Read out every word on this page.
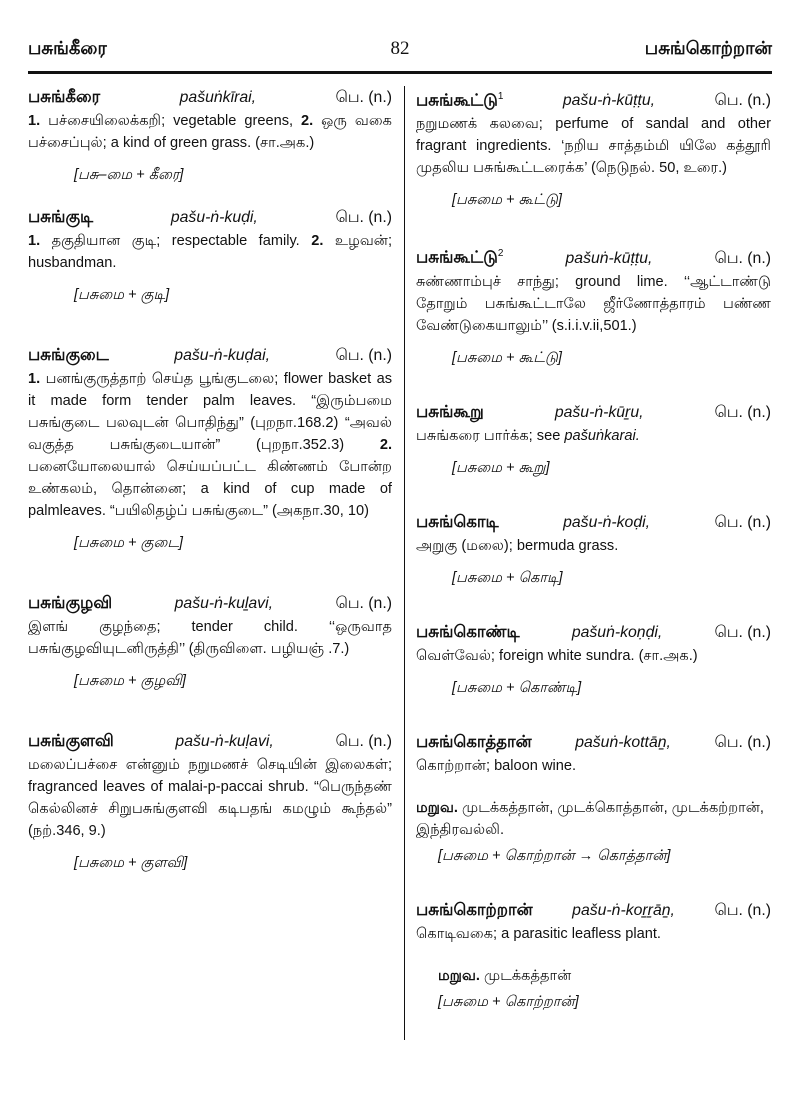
பசுங்கீரை	82	பசுங்கொற்றான்
பசுங்கீரை	pašuṅkīrai,	பெ. (n.)

1. பச்சையிலைக்கறி; vegetable greens, 2. ஒரு வகை பச்சைப்புல்; a kind of green grass. (சா.அக.)

[பசு–மை + கீரை]
பசுங்குடி	pašu-ṅ-kuḍi,	பெ. (n.)

1. தகுதியான குடி; respectable family. 2. உழவன்; husbandman.

[பசுமை + குடி]
பசுங்குடை	pašu-ṅ-kuḍai,	பெ. (n.)

1. பனங்குருத்தாற் செய்த பூங்குடலை; flower basket as it made form tender palm leaves. “இரும்பமை பசுங்குடை பலவுடன் பொதிந்து” (புறநா.168.2) “அவல் வகுத்த பசுங்குடையான்” (புறநா.352.3) 2. பனையோலையால் செய்யப்பட்ட கிண்ணம் போன்ற உண்கலம், தொன்னை; a kind of cup made of palmleaves. “பயிலிதழ்ப் பசுங்குடை” (அகநா.30, 10)

[பசுமை + குடை]
பசுங்குழவி	pašu-ṅ-kuḻavi,	பெ. (n.)

இளங் குழந்தை; tender child. ‘‘ஒருவாத பசுங்குழவியுடனிருத்தி’’ (திருவிளை. பழியஞ் .7.)

[பசுமை + குழவி]
பசுங்குளவி	pašu-ṅ-kuḷavi,	பெ. (n.)

மலைப்பச்சை என்னும் நறுமணச் செடியின் இலைகள்; fragranced leaves of malai-p-paccai shrub. “பெருந்தண் கெல்லினச் சிறுபசுங்குளவி கடிபதங் கமழும் கூந்தல்” (நற்.346, 9.)

[பசுமை + குளவி]
பசுங்கூட்டு$^1$	pašu-ṅ-kūṭṭu,	பெ. (n.)

நறுமணக் கலவை; perfume of sandal and other fragrant ingredients. ‘நறிய சாத்தம்மி யிலே கத்தூரி முதலிய பசுங்கூட்டரைக்க’ (நெடுநல். 50, உரை.)

[பசுமை + கூட்டு]
பசுங்கூட்டு$^2$	pašuṅ-kūṭṭu,	பெ. (n.)

சுண்ணாம்புச் சாந்து; ground lime. ‘‘ஆட்டாண்டு தோறும் பசுங்கூட்டாலே ஜீர்ணோத்தாரம் பண்ண வேண்டுகையாலும்’’ (s.i.i.v.ii,501.)

[பசுமை + கூட்டு]
பசுங்கூறு	pašu-ṅ-kūṟu,	பெ. (n.)

பசுங்கரை பார்க்க; see pašuṅkarai.

[பசுமை + கூறு]
பசுங்கொடி	pašu-ṅ-koḍi,	பெ. (n.)

அறுகு (மலை); bermuda grass.

[பசுமை + கொடி]
பசுங்கொண்டி	pašuṅ-koṇḍi,	பெ. (n.)

வெள்வேல்; foreign white sundra. (சா.அக.)

[பசுமை + கொண்டி]
பசுங்கொத்தான்	pašuṅ-kottāṉ,	பெ. (n.)

கொற்றான்; baloon wine.

மறுவ. முடக்கத்தான், முடக்கொத்தான், முடக்கற்றான், இந்திரவல்லி.
[பசுமை + கொற்றான் → கொத்தான்]
பசுங்கொற்றான்	pašu-ṅ-koṟṟāṉ,	பெ. (n.)

கொடிவகை; a parasitic leafless plant.

மறுவ. முடக்கத்தான்
[பசுமை + கொற்றான்]
